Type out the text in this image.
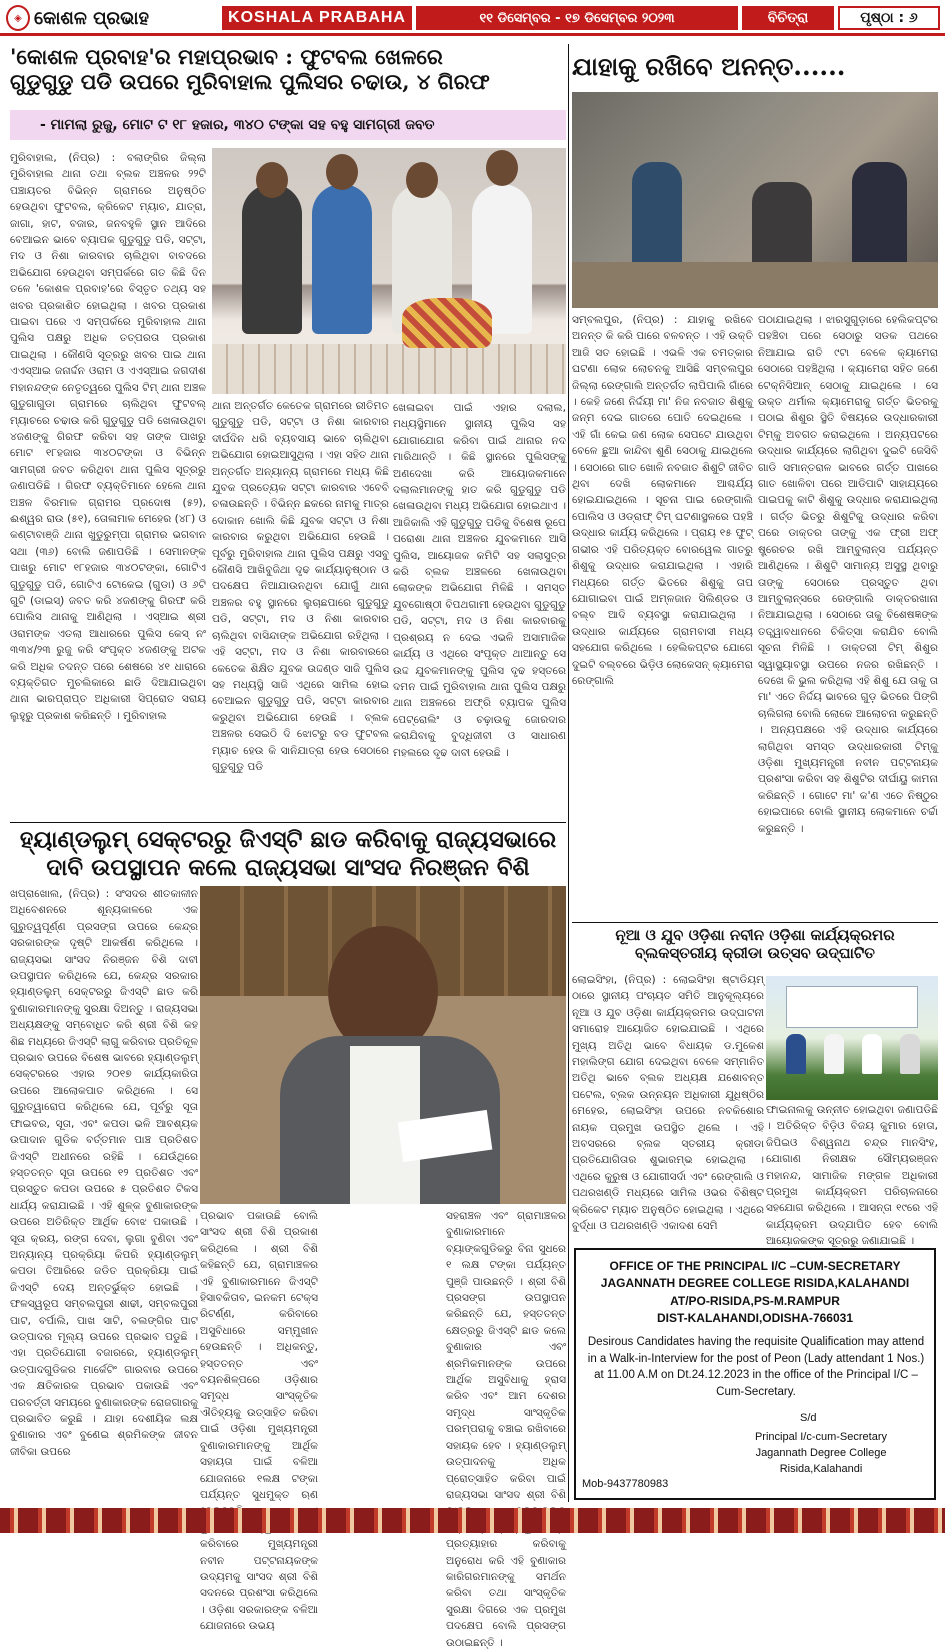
◈ କୋଶଳ ପ୍ରଭାହ	KOSHALA PRABAHA	୧୧ ଡିସେମ୍ବର - ୧୭ ଡିସେମ୍ବର ୨୦୨୩	ବିଚିତ୍ରା	ପୃଷ୍ଠା : ୬
'କୋଶଳ ପ୍ରବାହ'ର ମହାପ୍ରଭାବ : ଫୁଟବଲ ଖେଳରେ
ଗୁଡୁଗୁଡୁ ପଡି ଉପରେ ମୁରିବାହାଲ ପୁଲିସର ଚଢାଉ, ୪ ଗିରଫ
- ମାମଲା ରୁଜୁ, ମୋଟ ଟ ୧୮ ହଜାର, ୩୪୦ ଟଙ୍କା ସହ ବହୁ ସାମଗ୍ରୀ ଜବତ
ମୁରିବାହାଲ, (ନିପ୍ର) : ବଲାଙ୍ଗିର ଜିଲ୍ଲା ମୁରିବାହାଲ ଥାନା ତଥା ବ୍ଲକ ଅଞ୍ଚଳର ୨୨ଟି ପଞ୍ଚାୟତର ବିଭିନ୍ନ ଗ୍ରାମରେ ଅନୁଷ୍ଠିତ ହେଉଥିବା ଫୁଟବଲ, କ୍ରିକେଟ ମ୍ୟାଚ, ଯାତ୍ରା, ଜାଗା, ହାଟ, ବଜାର, ଜନବହୁଳି ସ୍ଥାନ ଆଦିରେ ବେଆଇନ ଭାବେ ବ୍ୟାପକ ଗୁଡୁଗୁଡୁ ପଡି, ସଟ୍ଟା, ମଦ ଓ ନିଶା କାରବାର ଚାଲିଥିବା ବାବଦରେ ଅଭିଯୋଗ ହେଉଥିବା ସମ୍ପର୍କରେ ଗତ କିଛି ଦିନ ତଳେ 'କୋଶଳ ପ୍ରବାହ'ରେ ବିସ୍ତୃତ ତଥ୍ୟ ସହ ଖବର ପ୍ରକାଶିତ ହୋଇଥିଲା । ଖବର ପ୍ରକାଶ ପାଇବା ପରେ ଏ ସମ୍ପର୍କରେ ମୁରିବାହାଲ ଥାନା ପୁଲିସ ପକ୍ଷରୁ ଅଧିକ ତତ୍ପରତା ପ୍ରକାଶ ପାଇଥିଲା । କୌଣସି ସୂତ୍ରରୁ ଖବର ପାଇ ଥାନା ଏଏସ୍ଆଇ ଜନାର୍ଦ୍ଦନ ଓରାମ ଓ ଏଏସ୍ଆଇ ଜଗଦୀଶ ମହାନନ୍ଦଙ୍କ ନେତୃତ୍ୱରେ ପୁଲିସ ଟିମ୍ ଥାନା ଅଞ୍ଚଳ ଗୁଡୁଗାଗୁଡା ଗ୍ରାମରେ ଚାଲିଥିବା ଫୁଟବଲ୍ ମ୍ୟାଚରେ ଚଢାଉ କରି ଗୁଡୁଗୁଡୁ ପଡି ଖେଳାଉଥିବା ୪ଜଣଙ୍କୁ ଗିରଫ କରିବା ସହ ତାଙ୍କ ପାଖରୁ ମୋଟ ୧୮ହଜାର ୩୪୦ଟଙ୍କା ଓ ବିଭିନ୍ନ ସାମଗ୍ରୀ ଜବତ କରିଥିବା ଥାନା ପୁଲିସ ସୂତ୍ରରୁ ଜଣାପଡିଛି । ଗିରଫ ବ୍ୟକ୍ତିମାନେ ହେଲେ ଥାନା ଅଞ୍ଚଳ ବିରମାଳ ଗ୍ରାମର ପ୍ରଦୋଷ (୫୨), ଈଶ୍ୱର ରାଉ (୫୧), ତୋଳାମାଳ ମେହେର (୪୮) ଓ କଣ୍ଟାବାଞ୍ଜି ଥାନା ଖୁଡୁରୁମ୍ପା ଗ୍ରାମର ଭଗବାନ ସଥା (୩୬) ବୋଲି ଜଣାପଡିଛି । ସେମାନଙ୍କ ପାଖରୁ ମୋଟ ୧୮ହଜାର ୩୪୦ଟଙ୍କା, ଗୋଟିଏ ଗୁଡୁଗୁଡୁ ପଡି, ଗୋଟିଏ ଟୋକେଇ (ଗୁଡା) ଓ ୬ଟି ଗୁଟି (ଡାଇସ୍) ଜବତ କରି ୪ଜଣଙ୍କୁ ଗିରଫ କରି ପୋଲିସ ଥାନାକୁ ଆଣିଥିଲା । ଏସ୍ଆଇ ଶ୍ରୀ ଓରାମଙ୍କ ଏତଲା ଆଧାରରେ ପୁଲିସ କେସ୍ ନଂ ୩୩୪/୨୩ ରୁଜୁ କରି ସଂପୃକ୍ତ ୪ଜଣଙ୍କୁ ଅଟକ କରି ଅଧିକ ତଦନ୍ତ ପରେ ଶେଷରେ ୪୧ ଧାରାରେ ବ୍ୟକ୍ତିଗତ ମୁଚଲିକାରେ ଛାଡି ଦିଆଯାଇଥିବା ଥାନା ଭାରପ୍ରାପ୍ତ ଅଧିକାରୀ ସିପ୍ରୋତ ସରାୟ ଲୁହୁରୁ ପ୍ରକାଶ କରିଛନ୍ତି । ମୁରିବାହାଲ
ଥାନା ଅନ୍ତର୍ଗତ କେତେକ ଗ୍ରାମରେ ରୀତିମତ ଗୁଡୁଗୁଡୁ ପଡି, ସଟ୍ଟା ଓ ନିଶା କାରବାର ଦୀର୍ଘଦିନ ଧରି ବ୍ୟବସାୟ ଭାବେ ଚାଲିଥିବା ଅଭିଯୋଗ ହୋଇଆସୁଥିଲା । ଏହା ସହିତ ଥାନା ଅନ୍ତର୍ଗତ ଅନ୍ୟାନ୍ୟ ଗ୍ରାମରେ ମଧ୍ୟ କିଛି ଯୁବକ ପ୍ରତ୍ୟେକ ସଟ୍ଟା କାରବାର ଏବେବି ଚଳାଉଛନ୍ତି । ବିଭିନ୍ନ ଛକରେ ନାମକୁ ମାତ୍ର ଦୋକାନ ଖୋଲି କିଛି ଯୁବକ ସଟ୍ଟା ଓ ନିଶା କାରବାର କରୁଥିବା ଅଭିଯୋଗ ହେଉଛି । ପୂର୍ବରୁ ମୁରିବାହାଲ ଥାନା ପୁଲିସ ପକ୍ଷରୁ ଏସବୁ କୌଣସି ଆଖିବୁଜିଥା ଦୃଢ କାର୍ଯ୍ୟାନୁଷ୍ଠାନ ଓ ପଦକ୍ଷେପ ନିଆଯାଉନଥିବା ଯୋଗୁଁ ଥାନା ଅଞ୍ଚଳର ବହୁ ସ୍ଥାନରେ ଲୁଚାଛପାରେ ଗୁଡୁଗୁଡୁ ପଡି, ସଟ୍ଟା, ମଦ ଓ ନିଶା କାରବାର ଚାଲିଥିବା ବାସିନ୍ଦାଙ୍କ ଅଭିଯୋଗ ରହିଥିଲା । ଏହି ସଟ୍ଟା, ମଦ ଓ ନିଶା କାରବାରରେ କେତେକ ଶିକ୍ଷିତ ଯୁବକ ଉଦ୍ଦଣ୍ଡ ସାଜି ପୁଲିସ ସହ ମଧ୍ୟସ୍ଥି ସାଜି ଏଥିରେ ସାମିଲ ହୋଇ ବେଆଇନ ଗୁଡୁଗୁଡୁ ପଡି, ସଟ୍ଟା କାରବାର କରୁଥିବା ଅଭିଯୋଗ ହେଉଛି । ବ୍ଲକ ଅଞ୍ଚଳର ସେଇଠି ଦି ଝୋଟରୁ ବଡ ଫୁଟବଲ ମ୍ୟାଚ ହେଉ କି ସାନିଯାତ୍ରା ହେଉ ସେଠାରେ ଗୁଡୁଗୁଡୁ ପଡି
ଖେଳାଇବା ପାଇଁ ଏହାର ଦଲାଲ, ମଧ୍ୟସ୍ଥିମାନେ ସ୍ଥାନୀୟ ପୁଲିସ ସହ ଯୋଗାଯୋଗ କରିବା ପାଇଁ ଥାନାର ନଦ ମାରିଥାନ୍ତି । କିଛି ସ୍ଥାନରେ ପୁଲିସଙ୍କୁ ଅଣଦେଖା କରି ଆୟୋଜକମାନେ ଦଲାଲମାନଙ୍କୁ ହାତ କରି ଗୁଡୁଗୁଡୁ ପଡି ଖେଳାଉଥିବା ମଧ୍ୟ ଅଭିଯୋଗ ହୋଇଥାଏ । ଆଜିକାଲି ଏହି ଗୁଡୁଗୁଡୁ ପଡିକୁ ବିଶେଷ ରୂପେ ପରୋଶା ଥାନା ଅଞ୍ଚଳର ଯୁବକମାନେ ଆସି ପୁଲିସ, ଆୟୋଜକ କମିଟି ସହ ସଲାସୁତ୍ର କରି ବ୍ଲକ ଅଞ୍ଚଳରେ ଖେଳାଉଥିବା ଲୋକଙ୍କ ଅଭିଯୋଗ ମିଳିଛି । ସମସ୍ତ ଯୁବଗୋଷ୍ଠୀ ବିପଥଗାମୀ ହେଉଥିବା ଗୁଡୁଗୁଡୁ ପଡି, ସଟ୍ଟା, ମଦ ଓ ନିଶା କାରବାରକୁ ପ୍ରଶ୍ରୟ ନ ଦେଇ ଏଭଳି ଅସାମାଜିକ କାର୍ଯ୍ୟ ଓ ଏଥିରେ ସଂପୃକ୍ତ ଥାଆନ୍ତୁ ସେ ଉଦ୍ଦ ଯୁବକମାନଙ୍କୁ ପୁଲିସ ଦୃଢ ହସ୍ତରେ ଦମନ ପାଇଁ ମୁରିବାହାଲ ଥାନା ପୁଲିସ ପକ୍ଷରୁ ଥାନା ଅଞ୍ଚଳରେ ଅଫ୍ରି ବ୍ୟାପକ ପୁଲିସ ପେଟ୍ରୋଲିଂ ଓ ଚଢ଼ାଉକୁ ଜୋରଦାର କରାଯିବାକୁ ବୁଦ୍ଧିଜୀବୀ ଓ ସାଧାରଣ ମହଲରେ ଦୃଢ ଦାବୀ ହେଉଛି ।
ଯାହାକୁ ରଖିବେ ଅନନ୍ତ......
ସମ୍ବଲପୁର, (ନିପ୍ର) : ଯାହାକୁ ରଖିବେ ଅନନ୍ତ କି କରି ପାରେ ବଳବନ୍ତ । ଏହି ଉକ୍ତି ଆଜି ସତ ହୋଇଛି । ଏଭଳି ଏକ ଚମତ୍କାର ଘଟଣା ଲୋକ ଲୋଚନକୁ ଆସିଛି ସମ୍ବଲପୁର ଜିଲ୍ଲା ରେଙ୍ଗାଲି ଅନ୍ତର୍ଗତ ଲାପିପାଲି ଗାଁରେ । କେହି ଜଣେ ନିର୍ଦ୍ଦୟୀ ମା' ନିଜ ନବଜାତ ଶିଶୁକୁ ଜନ୍ମ ଦେଇ ଗାତରେ ପୋତି ଦେଇଥିଲେ । ଏହି ଗାଁ କେଇ ଜଣ ଲୋକ ସେପଟେ ଯାଉଥିବା ବେଳେ ଛୁଆ କାନ୍ଦିବା ଶୁଣି ସେଠାକୁ ଯାଇଥିଲେ । ସେଠାରେ ଗାତ ଖୋଳି ନବଜାତ ଶିଶୁଟି ଜୀବିତ ଥିବା ଦେଖି ଲୋକମାନେ ଆଶ୍ଚର୍ଯ୍ୟ ହୋଇଯାଇଥିଲେ । ସୂଚନା ପାଇ ରେଙ୍ଗାଲି ପୋଲିସ ଓ ଓଡ୍ରାଫ୍ ଟିମ୍ ଘଟଣାସ୍ଥଳରେ ପହଞ୍ଚି ଉଦ୍ଧାର କାର୍ଯ୍ୟ କରିଥିଲେ । ପ୍ରାୟ ୧୫ ଫୁଟ୍ ଗଭୀର ଏହି ପରିତ୍ୟକ୍ତ ବୋରୱେଲ ଗାତରୁ ଶିଶୁକୁ ଉଦ୍ଧାର କରାଯାଇଥିଲା । ଏହାରି ମଧ୍ୟରେ ଗର୍ତ୍ତ ଭିତରେ ଶିଶୁକୁ ତାପ ଯୋଗାଇବା ପାଇଁ ଅମ୍ଳଜାନ ସିଲିଣ୍ଡର ଓ ବଲ୍ବ ଆଦି ବ୍ୟବସ୍ଥା କରାଯାଇଥିଲା । ଉଦ୍ଧାର କାର୍ଯ୍ୟରେ ଗ୍ରାମବାସୀ ମଧ୍ୟ ସହଯୋଗ କରିଥିଲେ । ହେଲିକପ୍ଟର ଯୋଗେ ଦୁଇଟି ବଲ୍ବରେ ଭିଡ଼ିଓ ଲୋକେସନ୍ କ୍ୟାମେରା ରେଙ୍ଗାଲି
ପଠାଯାଇଥିଲା । ଝାରସୁଗୁଡ଼ାରେ ହେଲିକପ୍ଟର ପହଞ୍ଚିବା ପରେ ସେଠାରୁ ସଡକ ପଥରେ ନିଆଯାଇ ରାତି ୯ଟା ବେଳେ କ୍ୟାମେରା ସେଠାରେ ପହଞ୍ଚିଥିଲା । କ୍ୟାମେରା ସହିତ ଜଣେ ଟେକ୍ନିସିଆନ୍ ସେଠାକୁ ଯାଇଥିଲେ । ସେ ଉକ୍ତ ଥର୍ମାଲ କ୍ୟାମେରାକୁ ଗର୍ତ୍ତ ଭିତରକୁ ପଠାଇ ଶିଶୁର ସ୍ଥିତି ବିଷୟରେ ଉଦ୍ଧାରକାରୀ ଟିମ୍‌କୁ ଅବଗତ କରାଇଥିଲେ । ଅନ୍ୟପଟରେ ଉଦ୍ଧାର କାର୍ଯ୍ୟରେ ଲାଗିଥିବା ଦୁଇଟି ଜେସିବି ଗାଡି ସମାନ୍ତରାଳ ଭାବରେ ଗର୍ତ୍ତ ପାଖରେ ଗାତ ଖୋଳିବା ପରେ ଆଡିପାଟି ସାହାଯ୍ୟରେ ପାଇପକୁ କାଟି ଶିଶୁକୁ ଉଦ୍ଧାର କରାଯାଇଥିଲା । ଗର୍ତ୍ତ ଭିତରୁ ଶିଶୁଟିକୁ ଉଦ୍ଧାର କରିବା ପରେ ଡାକ୍ତର ତାଙ୍କୁ ଏକ ଫ୍ରୀ ଅଫ୍ ଷ୍ଟ୍ରେଚର ରଖି ଆମ୍ବୁଲାନ୍ସ ପର୍ଯ୍ୟନ୍ତ ଆଣିଥିଲେ । ଶିଶୁଟି ସାମାନ୍ୟ ଅସୁସ୍ଥ ଥିବାରୁ ତାଙ୍କୁ ସେଠାରେ ପ୍ରସ୍ତୁତ ଥିବା ଆମ୍ବୁଲାନ୍ସରେ ରେଙ୍ଗାଲି ଡାକ୍ତରଖାନା ନିଆଯାଇଥିଲା । ସେଠାରେ ତାକୁ ବିଶେଷଜ୍ଞଙ୍କ ତତ୍ତ୍ୱାବଧାନରେ ଚିକିତ୍ସା କରାଯିବ ବୋଲି ସୂଚନା ମିଳିଛି । ଡାକ୍ତରୀ ଟିମ୍ ଶିଶୁର ସ୍ୱାସ୍ଥ୍ୟାବସ୍ଥା ଉପରେ ନଜର ରଖିଛନ୍ତି । ଦେଖେ କି ଭୁଲ କରିଥିଲା ଏହି ଶିଶୁ ଯେ ତାକୁ ତା ମା' ଏତେ ନିର୍ଦ୍ଦୟ ଭାବରେ ଗୁଡ଼ ଭିତରେ ପିଙ୍ଗି ଚାଲିଗଲା ବୋଲି ଲୋକେ ଆଲୋଚନା କରୁଛନ୍ତି । ଅନ୍ୟପକ୍ଷରେ ଏହି ଉଦ୍ଧାର କାର୍ଯ୍ୟରେ ଲାଗିଥିବା ସମସ୍ତ ଉଦ୍ଧାରକାରୀ ଟିମ୍‌କୁ ଓଡ଼ିଶା ମୁଖ୍ୟମନ୍ତ୍ରୀ ନବୀନ ପଟ୍ଟନାୟକ ପ୍ରଶଂସା କରିବା ସହ ଶିଶୁଟିର ଦୀର୍ଘାୟୁ କାମନା କରିଛନ୍ତି । ଗୋଟେ ମା' କ'ଣ ଏତେ ନିଷ୍ଠୁର ହୋଇପାରେ ବୋଲି ସ୍ଥାନୀୟ ଲୋକମାନେ ଚର୍ଚ୍ଚା କରୁଛନ୍ତି ।
ହ୍ୟାଣ୍ଡଲୁମ୍ ସେକ୍ଟରରୁ ଜିଏସ୍‌ଟି ଛାଡ କରିବାକୁ ରାଜ୍ୟସଭାରେ
ଦାବି ଉପସ୍ଥାପନ କଲେ ରାଜ୍ୟସଭା ସାଂସଦ ନିରଞ୍ଜନ ବିଶି
ଖପ୍ରାଖୋଲ, (ନିପ୍ର) : ସଂସଦର ଶୀତକାଳୀନ ଅଧିବେଶନରେ ଶୂନ୍ୟକାଳରେ ଏକ ଗୁରୁତ୍ୱପୂର୍ଣ୍ଣ ପ୍ରସଙ୍ଗ ଉପରେ କେନ୍ଦ୍ର ସରକାରଙ୍କ ଦୃଷ୍ଟି ଆକର୍ଷଣ କରିଥିଲେ । ରାଜ୍ୟସଭା ସାଂସଦ ନିରଞ୍ଜନ ବିଶି ଦାବୀ ଉପସ୍ଥାପନ କରିଥିଲେ ଯେ, କେନ୍ଦ୍ର ସରକାର ହ୍ୟାଣ୍ଡଲୁମ୍ ସେକ୍ଟରରୁ ଜିଏସ୍‌ଟି ଛାଡ କରି ବୁଣାକାରମାନଙ୍କୁ ସୁରକ୍ଷା ଦିଅନ୍ତୁ । ରାଜ୍ୟସଭା ଅଧ୍ୟକ୍ଷଙ୍କୁ ସମ୍ବୋଧିତ କରି ଶ୍ରୀ ବିଶି କହ ଶିଛ ମଧ୍ୟରେ ଜିଏସ୍‌ଟି ଲାଗୁ କରିବାର ପ୍ରତିକୂଳ ପ୍ରଭାବ ଉପରେ ବିଶେଷ ଭାବରେ ହ୍ୟାଣ୍ଡଲୁମ୍ ସେକ୍ଟରରେ ଏହାର ୨୦୧୭ କାର୍ଯ୍ୟକାରିତା ଉପରେ ଆଲୋକପାତ କରିଥିଲେ । ସେ ଗୁରୁତ୍ୱାରୋପ କରିଥିଲେ ଯେ, ପୂର୍ବରୁ ସୂତା ଫାଇବର, ସୂତା, ଏବଂ କପଡା ଭଳି ଆବଶ୍ୟକ ଉପାଦାନ ଗୁଡିକ ବର୍ତ୍ତମାନ ପାଞ୍ଚ ପ୍ରତିଶତ ଜିଏସ୍‌ଟି ଅଧୀନରେ ରହିଛି । ଯେଉଁଥିରେ ହସ୍ତତନ୍ତ ସୂତା ଉପରେ ୧୨ ପ୍ରତିଶତ ଏବଂ ପ୍ରସ୍ତୁତ କପଡା ଉପରେ ୫ ପ୍ରତିଶତ ଟିକସ ଧାର୍ଯ୍ୟ କରାଯାଇଛି । ଏହି ଶୁଳ୍କ ବୁଣାକାରଙ୍କ ଉପରେ ଅତିରିକ୍ତ ଆର୍ଥିକ ବୋଝ ପକାଉଛି । ସୂତା କ୍ରୟ, ରଙ୍ଗ ଦେବା, ଲୁଗା ବୁଣିବା ଏବଂ ଅନ୍ୟାନ୍ୟ ପ୍ରକ୍ରିୟା କିପରି ହ୍ୟାଣ୍ଡଲୁମ୍ କପଡା ତିଆରିରେ ଜଡିତ ପ୍ରକ୍ରିୟା ପାଇଁ ଜିଏସ୍‌ଟି ଦେୟ ଅନ୍ତର୍ଭୁକ୍ତ ହୋଇଛି । ଫଳସ୍ୱରୂପ ସମ୍ବଲପୁରୀ ଶାଢୀ, ସମ୍ବଲପୁରୀ ପାଟ, ବର୍ପାଲି, ପାଖ ସାଟି, ବଲଙ୍ଗିର ପାଟ ଉତ୍ପାଦର ମୂଲ୍ୟ ଉପରେ ପ୍ରଭାବ ପଡୁଛି । ଏହା ପ୍ରତିଯୋଗୀ ବଜାରରେ, ହ୍ୟାଣ୍ଡଲୁମ୍ ଉତ୍ପାଦଗୁଡିକର ମାର୍କେଟିଂ ଗାରବାର ଉପରେ ଏକ କ୍ଷତିକାରକ ପ୍ରଭାବ ପକାଉଛି ଏବଂ ପରବର୍ତ୍ତୀ ସମୟରେ ବୁଣାକାରଙ୍କ ରୋଜଗାରକୁ ପ୍ରଭାବିତ କରୁଛି । ଯାହା ଦେଶୀୟିକ ଲକ୍ଷ ବୁଣାକାର ଏବଂ ବୁଣେଇ ଶ୍ରମିକଙ୍କ ଜୀବନ ଜୀବିକା ଉପରେ
ପ୍ରଭାବ ପକାଉଛି ବୋଲି ସାଂସଦ ଶ୍ରୀ ବିଶି ପ୍ରକାଶ କରିଥିଲେ । ଶ୍ରୀ ବିଶି କହିଛନ୍ତି ଯେ, ଗ୍ରାମାଞ୍ଚଳର ଏହି ବୁଣାକାରମାନେ ଜିଏସ୍‌ଟି ହିସାବକିତାବ, ଇନକମ ଟେକ୍ସ ରିଟର୍ଣ୍ଣ, କରିବାରେ ଅସୁବିଧାରେ ସମ୍ମୁଖୀନ ହେଉଛନ୍ତି । ଅଧିକନ୍ତୁ, ହସ୍ତତନ୍ତ ଏବଂ ବୟନଶିଳ୍ପରେ ଓଡ଼ିଶାର ସମୃଦ୍ଧ ସାଂସ୍କୃତିକ ଐତିହ୍ୟକୁ ଉତ୍ସାହିତ କରିବା ପାଇଁ ଓଡ଼ିଶା ମୁଖ୍ୟମନ୍ତ୍ରୀ ବୁଣାକାରମାନଙ୍କୁ ଆର୍ଥିକ ସହାୟତା ପାଇଁ ବଳିଆ ଯୋଜନାରେ ୧ଲକ୍ଷ ଟଙ୍କା ପର୍ଯ୍ୟନ୍ତ ସୁଧମୁକ୍ତ ଋଣ କରିବାରେ ମୁଖ୍ୟମନ୍ତ୍ରୀ ନବୀନ ପଟ୍ଟନାୟକଙ୍କ ଉଦ୍ୟମକୁ ସାଂସଦ ଶ୍ରୀ ବିଶି ସଦନରେ ପ୍ରଶଂସା କରିଥିଲେ । ଓଡ଼ିଶା ସରକାରଙ୍କ ବଳିଆ ଯୋଜନାରେ ଉଭୟ
ସହରାଞ୍ଚଳ ଏବଂ ଗ୍ରାମାଞ୍ଚଳର ବୁଣାକାରମାନେ ବ୍ୟାଙ୍କଗୁଡିକରୁ ବିନା ସୁଧରେ ୧ ଲକ୍ଷ ଟଙ୍କା ପର୍ଯ୍ୟନ୍ତ ପୁଞ୍ଜି ପାଉଛନ୍ତି । ଶ୍ରୀ ବିଶି ପ୍ରସଙ୍ଗ ଉପସ୍ଥାପନ କରିଛନ୍ତି ଯେ, ହସ୍ତତନ୍ତ କ୍ଷେତ୍ରରୁ ଜିଏସ୍‌ଟି ଛାଡ କଲେ ବୁଣାକାର ଏବଂ ଶ୍ରମିକମାନଙ୍କ ଉପରେ ଆର୍ଥିକ ଅସୁବିଧାକୁ ହ୍ରାସ କରିବ ଏବଂ ଆମ ଦେଶର ସମୃଦ୍ଧ ସାଂସ୍କୃତିକ ପରମ୍ପରାକୁ ବଞ୍ଚାଇ ରଖିବାରେ ସହାୟକ ହେବ । ହ୍ୟାଣ୍ଡଲୁମ୍ ଉତ୍ପାଦନକୁ ଅଧିକ ପ୍ରୋତ୍ସାହିତ କରିବା ପାଇଁ ରାଜ୍ୟସଭା ସାଂସଦ ଶ୍ରୀ ବିଶି ପ୍ରତ୍ୟାହାର କରିବାକୁ ଅନୁରୋଧ କରି ଏହି ବୁଣାକାର କାରିଗରମାନଙ୍କୁ ସମର୍ଥନ କରିବା ତଥା ସାଂସ୍କୃତିକ ସୁରକ୍ଷା ଦିଗରେ ଏକ ପ୍ରମୁଖ ପଦକ୍ଷେପ ବୋଲି ପ୍ରସଙ୍ଗ ଉଠାଇଛନ୍ତି ।
ନୂଆ ଓ ଯୁବ ଓଡ଼ିଶା ନବୀନ ଓଡ଼ିଶା କାର୍ଯ୍ୟକ୍ରମର
ବ୍ଲକସ୍ତରୀୟ କ୍ରୀଡା ଉତ୍ସବ ଉଦ୍‌ଘାଟିତ
ଲୋଇସିଂହା, (ନିପ୍ର) : ଲୋଇସିଂହା ଷ୍ଟାଡିୟମ୍ ଠାରେ ସ୍ଥାନୀୟ ପଂଚାୟତ ସମିତି ଆନୁକୂଲ୍ୟରେ ନୂଆ ଓ ଯୁବ ଓଡ଼ିଶା କାର୍ଯ୍ୟକ୍ରମର ଉଦ୍‌ଘାଟନୀ ସମାରୋହ ଆୟୋଜିତ ହୋଇଯାଇଛି । ଏଥିରେ ମୁଖ୍ୟ ଅତିଥି ଭାବେ ବିଧାୟକ ଡ.ମୁକେଶ ମହାଲିଙ୍ଗ ଯୋଗ ଦେଇଥିବା ବେଳେ ସମ୍ମାନିତ ଅତିଥି ଭାବେ ବ୍ଲକ ଅଧ୍ୟକ୍ଷ ଯଶୋବନ୍ତ ପଟେଲ, ବ୍ଲକ ଉନ୍ନୟନ ଅଧିକାରୀ ଯୁଧିଷ୍ଠିର ମେହେର, ଲୋଇସିଂହା ଉପରେ ନବକିଶୋର ନାୟକ ପ୍ରମୁଖ ଉପସ୍ଥିତ ଥିଲେ । ଏହି ଅବସରରେ ବ୍ଲକ ସ୍ତରୀୟ କ୍ରୀଡା ପ୍ରତିଯୋଗିତାର ଶୁଭାରମ୍ଭ ହୋଇଥିଲା । ଏଥିରେ କୁରୁଷ ଓ ଯୋଗୀସର୍ଦା ଏବଂ ରେଙ୍ଗାଲି ଓ ପଥରଖଣ୍ଡି ମଧ୍ୟରେ ସାମିଲ ଓଭର ବିଶିଷ୍ଟ କ୍ରିକେଟ ମ୍ୟାଚ ଅନୁଷ୍ଠିତ ହୋଇଥିଲା । ଏଥିରେ ବୁର୍ଦ୍ଧା ଓ ପଥରଖଣ୍ଡି ଏକାଦଶ ସେମି
ଫାଇନାଲକୁ ଉନ୍ନୀତ ହୋଇଥିବା ଜଣାପଡିଛି । ଅତିରିକ୍ତ ବିଡ଼ିଓ ବିଜୟ କୁମାର ହୋତା, ଜିପିଇଓ ବିଶ୍ୱନାଥ ଚନ୍ଦ୍ର ମାନସିଂହ, ଯୋଗାଣ ନିରୀକ୍ଷକ ସୌମ୍ୟରଞ୍ଜନ ମହାନନ୍ଦ, ସାମାଜିକ ମଙ୍ଗଳ ଅଧିକାରୀ ପ୍ରମୁଖ କାର୍ଯ୍ୟକ୍ରମ ପରିଚାଳନାରେ ସହଯୋଗ କରିଥିଲେ । ଆସନ୍ତା ୧୯ରେ ଏହି କାର୍ଯ୍ୟକ୍ରମ ଉଦ୍‌ଯାପିତ ହେବ ବୋଲି ଆୟୋଜକଙ୍କ ସୂତ୍ରରୁ ଜଣାଯାଇଛି ।
OFFICE OF THE PRINCIPAL I/C –CUM-SECRETARY
JAGANNATH DEGREE COLLEGE RISIDA,KALAHANDI
AT/PO-RISIDA,PS-M.RAMPUR
DIST-KALAHANDI,ODISHA-766031
Desirous Candidates having the requisite Qualification may attend in a Walk-in-Interview for the post of Peon (Lady attendant 1 Nos.) at 11.00 A.M on Dt.24.12.2023 in the office of the Principal I/C –Cum-Secretary.
S/d
Principal I/c-cum-Secretary
Jagannath Degree College
Risida,Kalahandi
Mob-9437780983
